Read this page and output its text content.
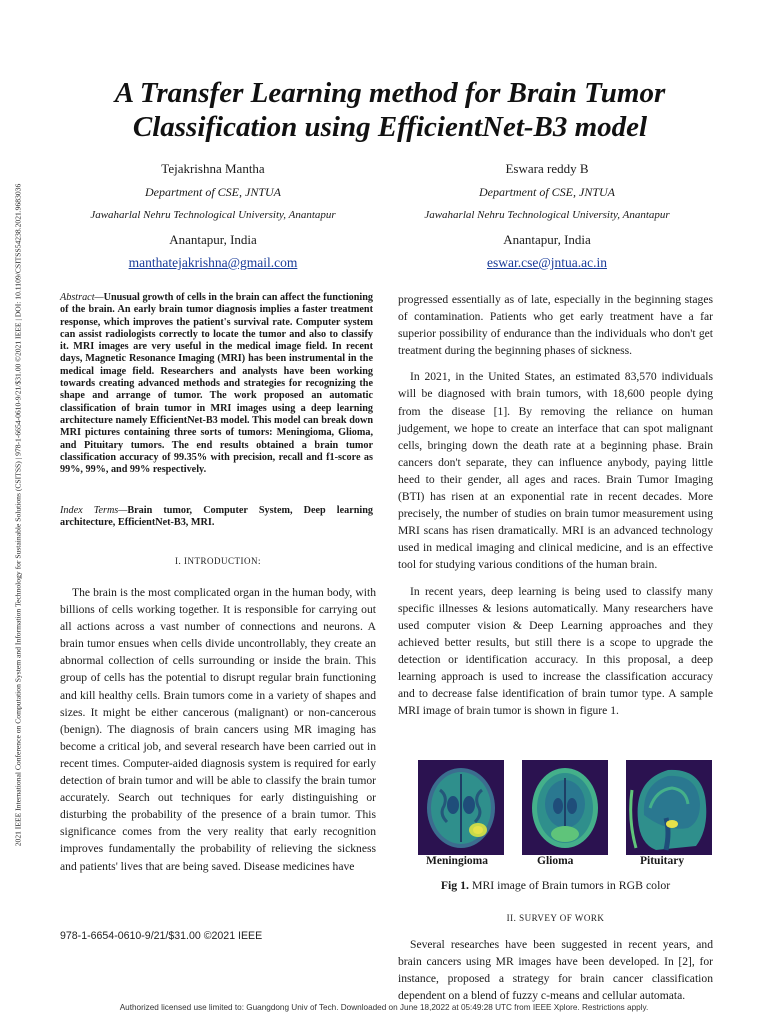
2021 IEEE International Conference on Computation System and Information Technology for Sustainable Solutions (CSITSS) | 978-1-6654-0610-9/21/$31.00 ©2021 IEEE | DOI: 10.1109/CSITSS54238.2021.9683036
A Transfer Learning method for Brain Tumor Classification using EfficientNet-B3 model
Tejakrishna Mantha
Department of CSE, JNTUA
Jawaharlal Nehru Technological University, Anantapur
Anantapur, India
manthatejakrishna@gmail.com
Eswara reddy B
Department of CSE, JNTUA
Jawaharlal Nehru Technological University, Anantapur
Anantapur, India
eswar.cse@jntua.ac.in
Abstract—Unusual growth of cells in the brain can affect the functioning of the brain. An early brain tumor diagnosis implies a faster treatment response, which improves the patient's survival rate. Computer system can assist radiologists correctly to locate the tumor and also to classify it. MRI images are very useful in the medical image field. In recent days, Magnetic Resonance Imaging (MRI) has been instrumental in the medical image field. Researchers and analysts have been working towards creating advanced methods and strategies for recognizing the shape and arrange of tumor. The work proposed an automatic classification of brain tumor in MRI images using a deep learning architecture namely EfficientNet-B3 model. This model can break down MRI pictures containing three sorts of tumors: Meningioma, Glioma, and Pituitary tumors. The end results obtained a brain tumor classification accuracy of 99.35% with precision, recall and f1-score as 99%, 99%, and 99% respectively.
Index Terms—Brain tumor, Computer System, Deep learning architecture, EfficientNet-B3, MRI.
I. INTRODUCTION:
The brain is the most complicated organ in the human body, with billions of cells working together. It is responsible for carrying out all actions across a vast number of connections and neurons. A brain tumor ensues when cells divide uncontrollably, they create an abnormal collection of cells surrounding or inside the brain. This group of cells has the potential to disrupt regular brain functioning and kill healthy cells. Brain tumors come in a variety of shapes and sizes. It might be either cancerous (malignant) or non-cancerous (benign). The diagnosis of brain cancers using MR imaging has become a critical job, and several research have been carried out in recent times. Computer-aided diagnosis system is required for early detection of brain tumor and will be able to classify the brain tumor accurately. Search out techniques for early distinguishing or disturbing the probability of the presence of a brain tumor. This significance comes from the very reality that early recognition improves fundamentally the probability of relieving the sickness and patients' lives that are being saved. Disease medicines have

progressed essentially as of late, especially in the beginning stages of contamination. Patients who get early treatment have a far superior possibility of endurance than the individuals who don't get treatment during the beginning phases of sickness.

In 2021, in the United States, an estimated 83,570 individuals will be diagnosed with brain tumors, with 18,600 people dying from the disease [1]. By removing the reliance on human judgement, we hope to create an interface that can spot malignant cells, bringing down the death rate at a beginning phase. Brain cancers don't separate, they can influence anybody, paying little heed to their gender, all ages and races. Brain Tumor Imaging (BTI) has risen at an exponential rate in recent decades. More precisely, the number of studies on brain tumor measurement using MRI scans has risen dramatically. MRI is an advanced technology used in medical imaging and clinical medicine, and is an effective tool for studying various conditions of the human brain.

In recent years, deep learning is being used to classify many specific illnesses & lesions automatically. Many researchers have used computer vision & Deep Learning approaches and they achieved better results, but still there is a scope to upgrade the detection or identification accuracy. In this proposal, a deep learning approach is used to increase the classification accuracy and to decrease false identification of brain tumor type. A sample MRI image of brain tumor is shown in figure 1.

Meningioma	Glioma	Pituitary
Fig 1. MRI image of Brain tumors in RGB color
II. SURVEY OF WORK

Several researches have been suggested in recent years, and brain cancers using MR images have been developed. In [2], for instance, proposed a strategy for brain cancer classification dependent on a blend of fuzzy c-means and cellular automata.

978-1-6654-0610-9/21/$31.00 ©2021 IEEE
Authorized licensed use limited to: Guangdong Univ of Tech. Downloaded on June 18,2022 at 05:49:28 UTC from IEEE Xplore. Restrictions apply.
